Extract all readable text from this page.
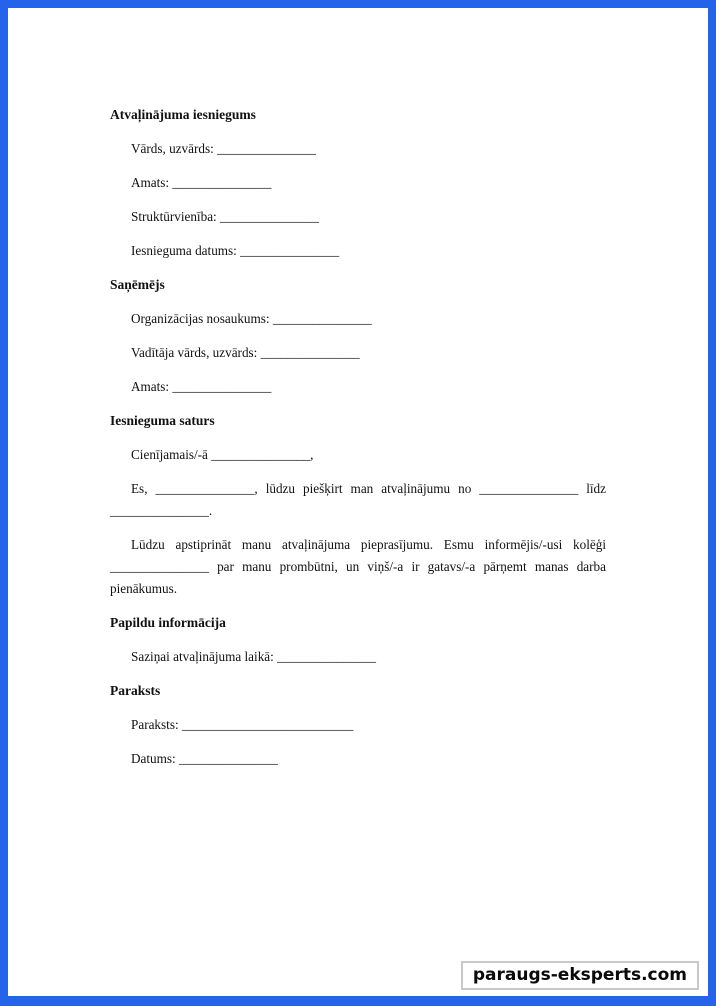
Atvaļinājuma iesniegums

Vārds, uzvārds: _______________

Amats: _______________

Struktūrvienība: _______________

Iesnieguma datums: _______________

Saņēmējs

Organizācijas nosaukums: _______________

Vadītāja vārds, uzvārds: _______________

Amats: _______________

Iesnieguma saturs

Cienījamais/-ā _______________,

Es, _______________, lūdzu piešķirt man atvaļinājumu no _______________ līdz _______________.

Lūdzu apstiprināt manu atvaļinājuma pieprasījumu. Esmu informējis/-usi kolēģi _______________ par manu prombūtni, un viņš/-a ir gatavs/-a pārņemt manas darba pienākumus.

Papildu informācija

Saziņai atvaļinājuma laikā: _______________

Paraksts

Paraksts: __________________________

Datums: _______________

paraugs-eksperts.com
